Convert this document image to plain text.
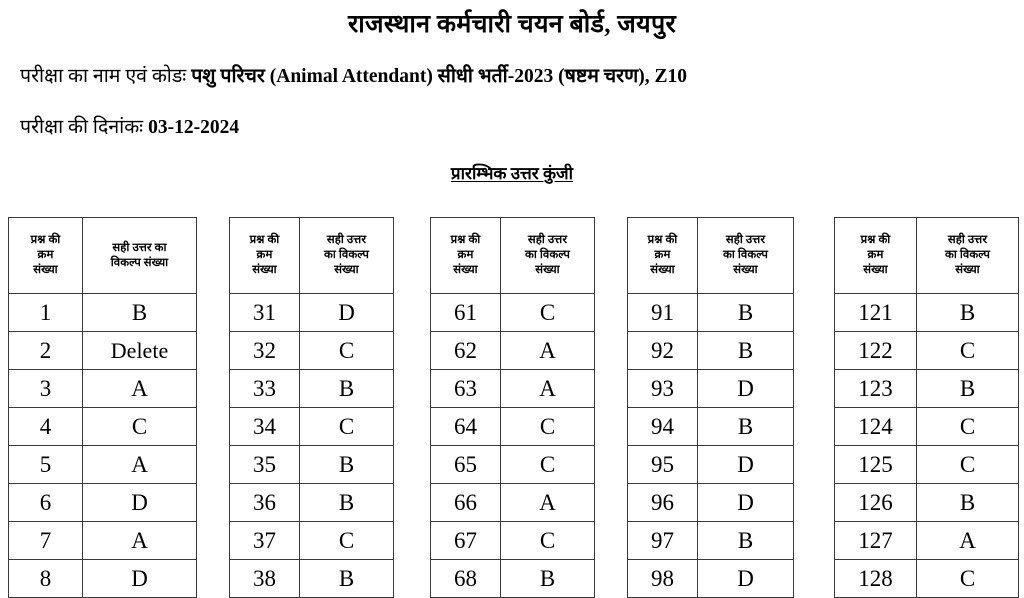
राजस्थान कर्मचारी चयन बोर्ड, जयपुर
परीक्षा का नाम एवं कोडः पशु परिचर (Animal Attendant) सीधी भर्ती-2023 (षष्टम चरण), Z10
परीक्षा की दिनांकः 03-12-2024
प्रारम्भिक उत्तर कुंजी
प्रश्न की
क्रम
संख्या	सही उत्तर का
विकल्प संख्या

1	B
2	Delete
3	A
4	C
5	A
6	D
7	A
8	D
प्रश्न की
क्रम
संख्या	सही उत्तर
का विकल्प
संख्या

31	D
32	C
33	B
34	C
35	B
36	B
37	C
38	B
प्रश्न की
क्रम
संख्या	सही उत्तर
का विकल्प
संख्या

61	C
62	A
63	A
64	C
65	C
66	A
67	C
68	B
प्रश्न की
क्रम
संख्या	सही उत्तर
का विकल्प
संख्या

91	B
92	B
93	D
94	B
95	D
96	D
97	B
98	D
प्रश्न की
क्रम
संख्या	सही उत्तर
का विकल्प
संख्या

121	B
122	C
123	B
124	C
125	C
126	B
127	A
128	C
